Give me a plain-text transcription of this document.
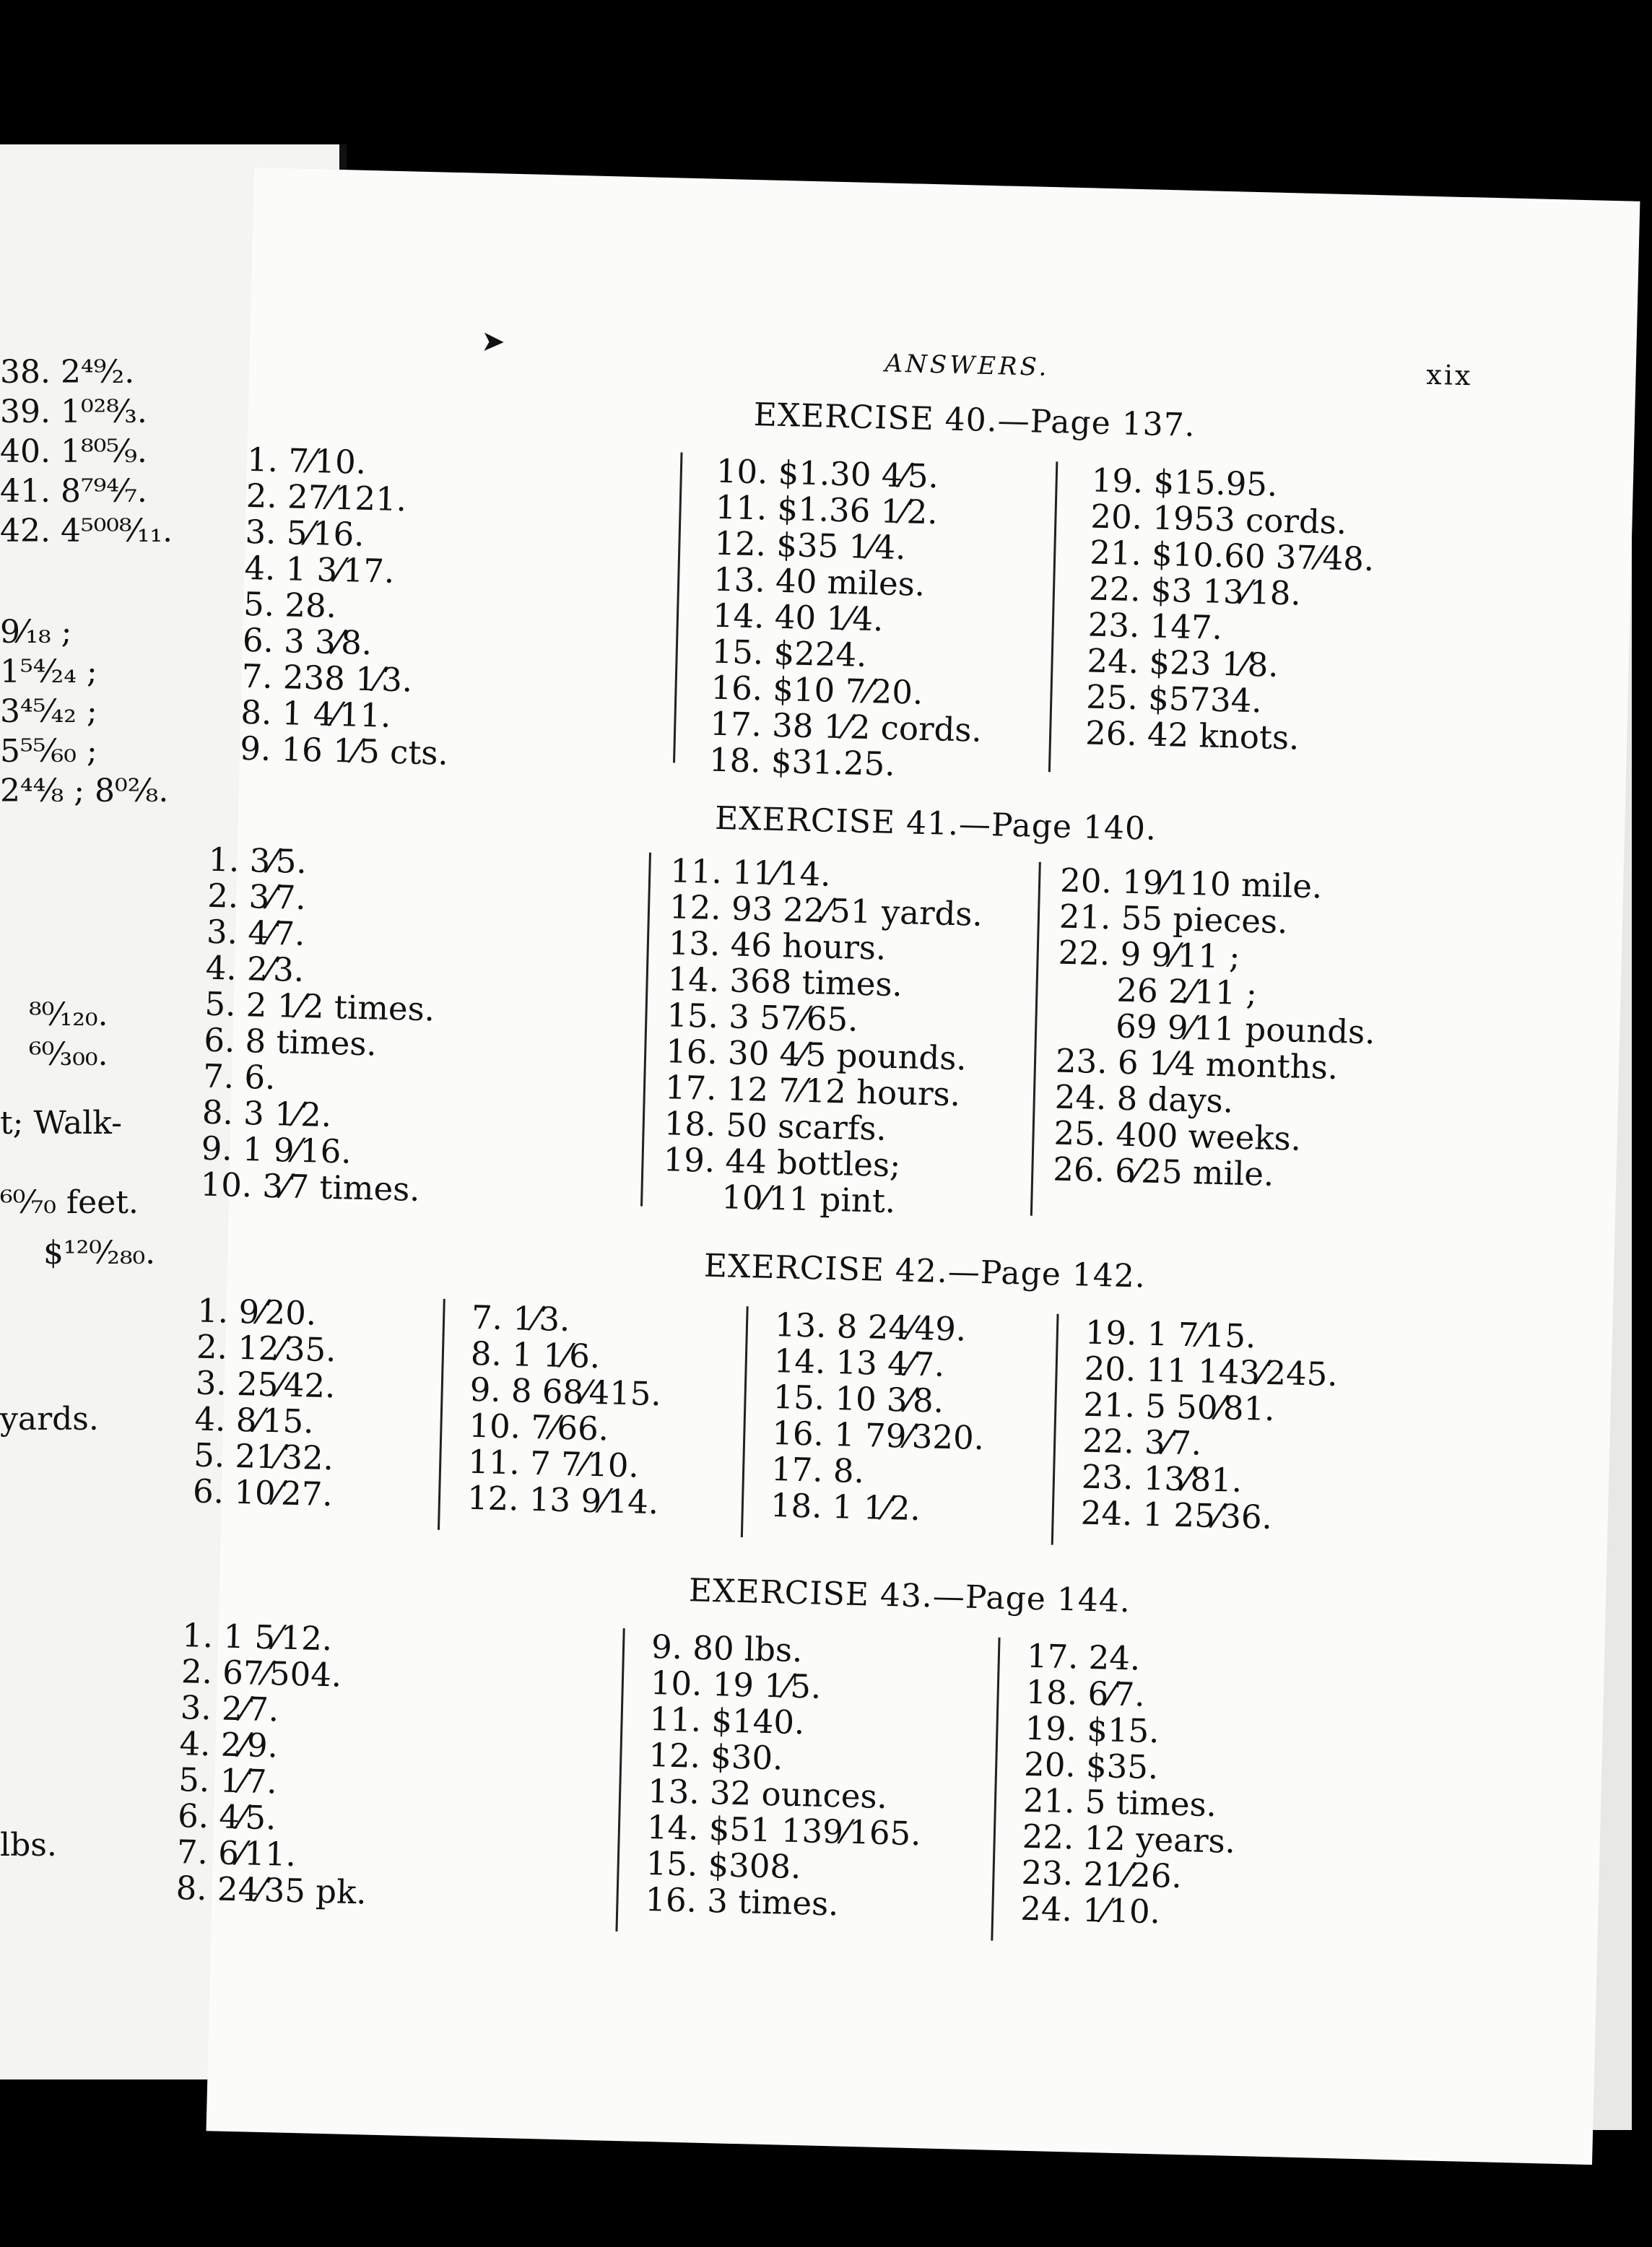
38. 2⁴⁹⁄₂.
39. 1⁰²⁸⁄₃.
40. 1⁸⁰⁵⁄₉.
41. 8⁷⁹⁴⁄₇.
42. 4⁵⁰⁰⁸⁄₁₁.
9⁄₁₈ ;
1⁵⁴⁄₂₄ ;
3⁴⁵⁄₄₂ ;
5⁵⁵⁄₆₀ ;
2⁴⁴⁄₈ ; 8⁰²⁄₈.
⁸⁰⁄₁₂₀.
⁶⁰⁄₃₀₀.
t; Walk-
⁶⁰⁄₇₀ feet.
$¹²⁰⁄₂₈₀.
yards.
lbs.
➤
ANSWERS.	xix
EXERCISE 40.—Page 137.
1. 7⁄10.
2. 27⁄121.
3. 5⁄16.
4. 1 3⁄17.
5. 28.
6. 3 3⁄8.
7. 238 1⁄3.
8. 1 4⁄11.
9. 16 1⁄5 cts.
10. $1.30 4⁄5.
11. $1.36 1⁄2.
12. $35 1⁄4.
13. 40 miles.
14. 40 1⁄4.
15. $224.
16. $10 7⁄20.
17. 38 1⁄2 cords.
18. $31.25.
19. $15.95.
20. 1953 cords.
21. $10.60 37⁄48.
22. $3 13⁄18.
23. 147.
24. $23 1⁄8.
25. $5734.
26. 42 knots.
EXERCISE 41.—Page 140.
1. 3⁄5.
2. 3⁄7.
3. 4⁄7.
4. 2⁄3.
5. 2 1⁄2 times.
6. 8 times.
7. 6.
8. 3 1⁄2.
9. 1 9⁄16.
10. 3⁄7 times.
11. 11⁄14.
12. 93 22⁄51 yards.
13. 46 hours.
14. 368 times.
15. 3 57⁄65.
16. 30 4⁄5 pounds.
17. 12 7⁄12 hours.
18. 50 scarfs.
19. 44 bottles;
10⁄11 pint.
20. 19⁄110 mile.
21. 55 pieces.
22. 9 9⁄11 ;
26 2⁄11 ;
69 9⁄11 pounds.
23. 6 1⁄4 months.
24. 8 days.
25. 400 weeks.
26. 6⁄25 mile.
EXERCISE 42.—Page 142.
1. 9⁄20.
2. 12⁄35.
3. 25⁄42.
4. 8⁄15.
5. 21⁄32.
6. 10⁄27.
7. 1⁄3.
8. 1 1⁄6.
9. 8 68⁄415.
10. 7⁄66.
11. 7 7⁄10.
12. 13 9⁄14.
13. 8 24⁄49.
14. 13 4⁄7.
15. 10 3⁄8.
16. 1 79⁄320.
17. 8.
18. 1 1⁄2.
19. 1 7⁄15.
20. 11 143⁄245.
21. 5 50⁄81.
22. 3⁄7.
23. 13⁄81.
24. 1 25⁄36.
EXERCISE 43.—Page 144.
1. 1 5⁄12.
2. 67⁄504.
3. 2⁄7.
4. 2⁄9.
5. 1⁄7.
6. 4⁄5.
7. 6⁄11.
8. 24⁄35 pk.
9. 80 lbs.
10. 19 1⁄5.
11. $140.
12. $30.
13. 32 ounces.
14. $51 139⁄165.
15. $308.
16. 3 times.
17. 24.
18. 6⁄7.
19. $15.
20. $35.
21. 5 times.
22. 12 years.
23. 21⁄26.
24. 1⁄10.
